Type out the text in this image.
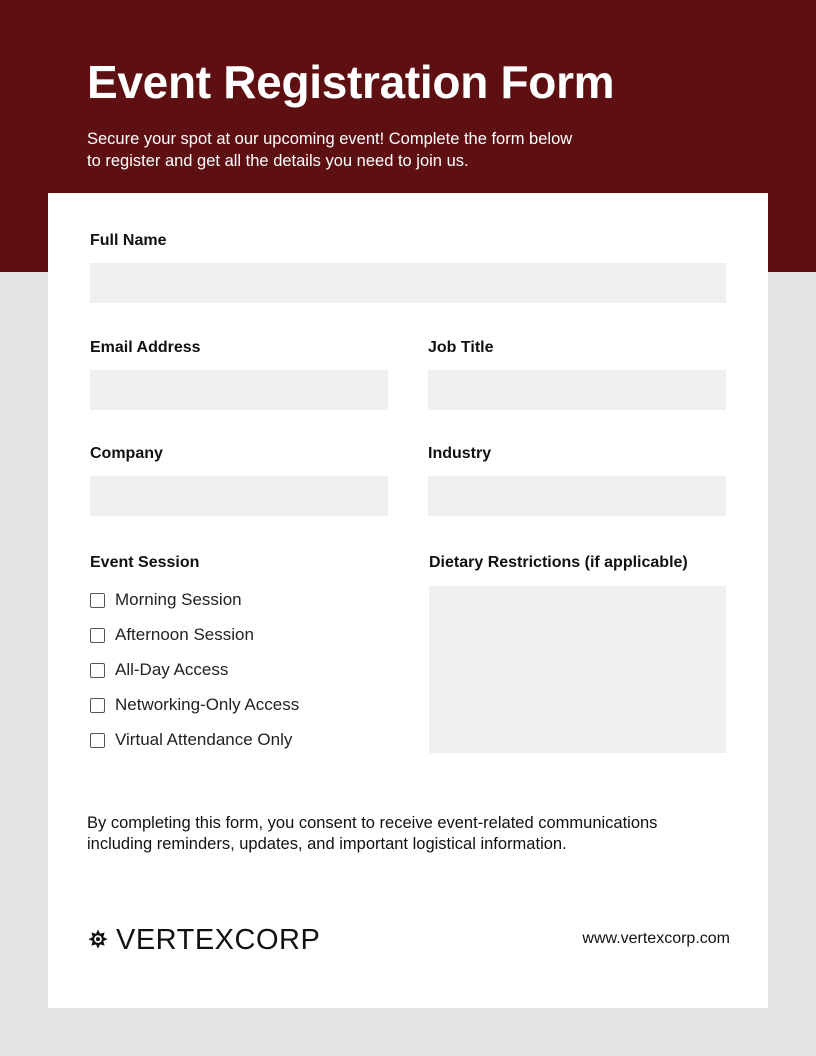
Event Registration Form
Secure your spot at our upcoming event! Complete the form below
to register and get all the details you need to join us.
Full Name
Email Address	Job Title
Company	Industry
Event Session
Morning Session
Afternoon Session
All-Day Access
Networking-Only Access
Virtual Attendance Only
Dietary Restrictions (if applicable)
By completing this form, you consent to receive event-related communications
including reminders, updates, and important logistical information.
VERTEXCORP	www.vertexcorp.com
